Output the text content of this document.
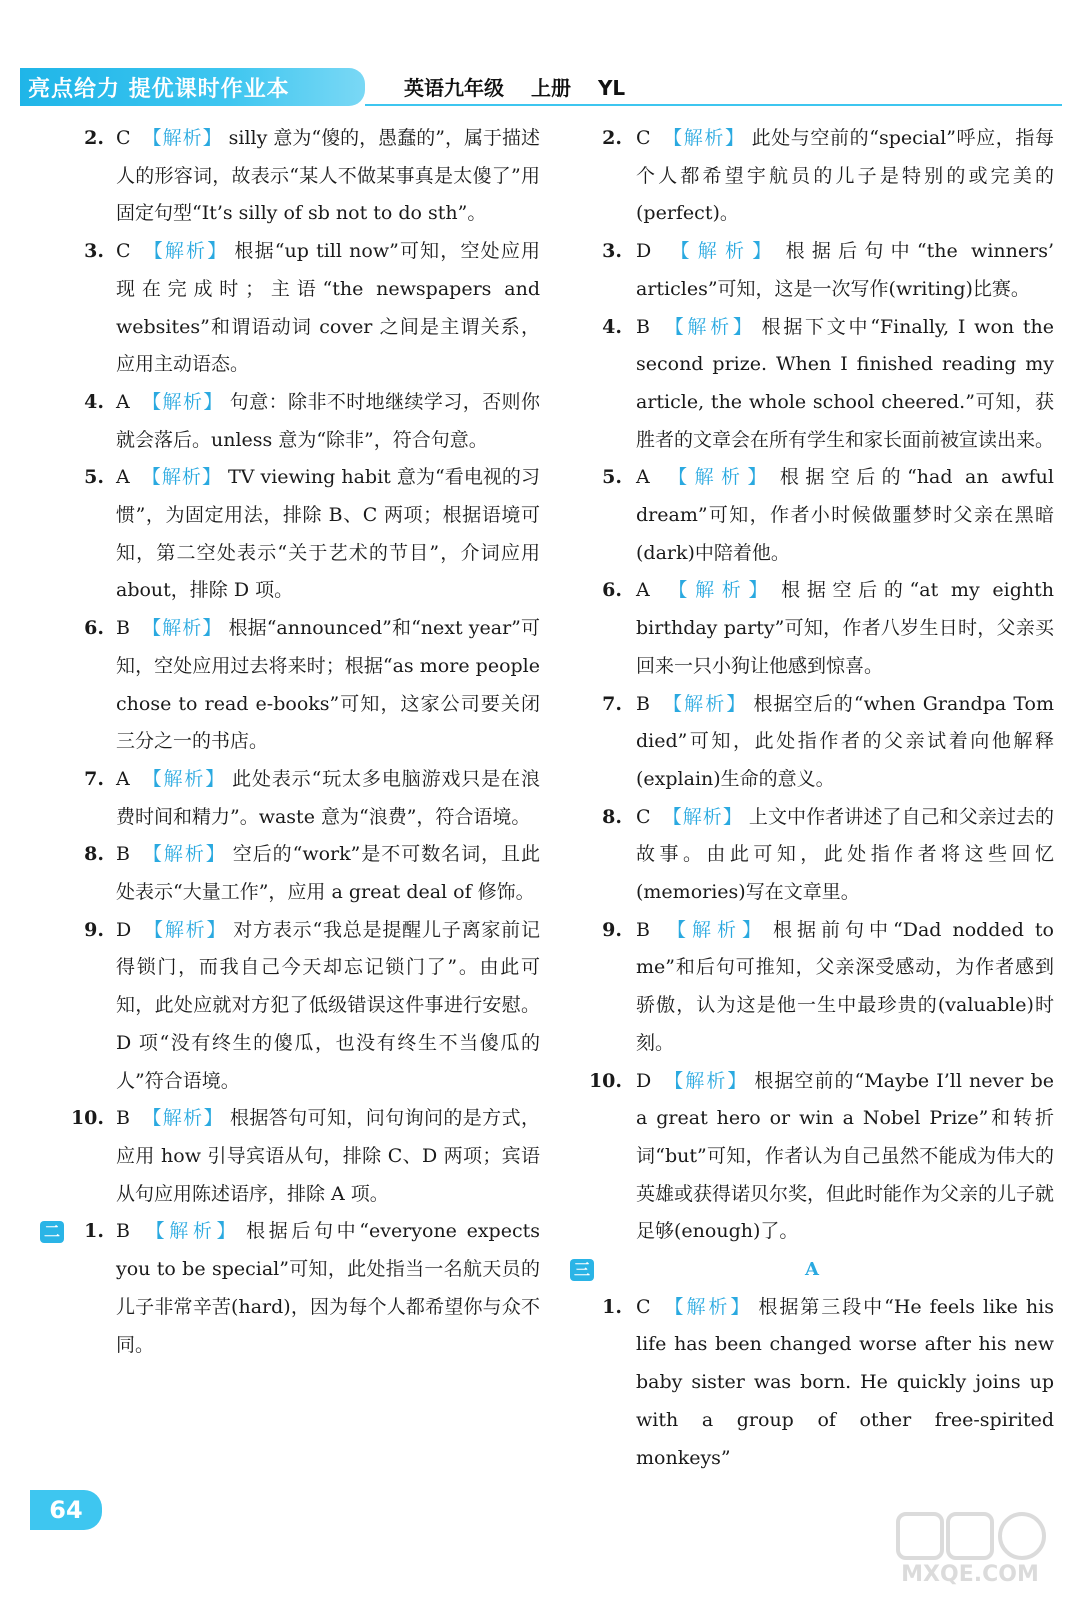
亮点给力 提优课时作业本	英语九年级 上册 YL
2. C 【解析】 silly 意为“傻的，愚蠢的”，属于描述人的形容词，故表示“某人不做某事真是太傻了”用固定句型“It’s silly of sb not to do sth”。
3. C 【解析】 根据“up till now”可知，空处应用现在完成时；主语“the newspapers and websites”和谓语动词 cover 之间是主谓关系，应用主动语态。
4. A 【解析】 句意：除非不时地继续学习，否则你就会落后。unless 意为“除非”，符合句意。
5. A 【解析】 TV viewing habit 意为“看电视的习惯”，为固定用法，排除 B、C 两项；根据语境可知，第二空处表示“关于艺术的节目”，介词应用 about，排除 D 项。
6. B 【解析】 根据“announced”和“next year”可知，空处应用过去将来时；根据“as more people chose to read e-books”可知，这家公司要关闭三分之一的书店。
7. A 【解析】 此处表示“玩太多电脑游戏只是在浪费时间和精力”。waste 意为“浪费”，符合语境。
8. B 【解析】 空后的“work”是不可数名词，且此处表示“大量工作”，应用 a great deal of 修饰。
9. D 【解析】 对方表示“我总是提醒儿子离家前记得锁门，而我自己今天却忘记锁门了”。由此可知，此处应就对方犯了低级错误这件事进行安慰。D 项“没有终生的傻瓜，也没有终生不当傻瓜的人”符合语境。
10. B 【解析】 根据答句可知，问句询问的是方式，应用 how 引导宾语从句，排除 C、D 两项；宾语从句应用陈述语序，排除 A 项。
二	1. B 【解析】 根据后句中“everyone expects you to be special”可知，此处指当一名航天员的儿子非常辛苦(hard)，因为每个人都希望你与众不同。
2. C 【解析】 此处与空前的“special”呼应，指每个人都希望宇航员的儿子是特别的或完美的(perfect)。
3. D 【解析】 根据后句中“the winners’ articles”可知，这是一次写作(writing)比赛。
4. B 【解析】 根据下文中“Finally, I won the second prize. When I finished reading my article, the whole school cheered.”可知，获胜者的文章会在所有学生和家长面前被宣读出来。
5. A 【解析】 根据空后的“had an awful dream”可知，作者小时候做噩梦时父亲在黑暗(dark)中陪着他。
6. A 【解析】 根据空后的“at my eighth birthday party”可知，作者八岁生日时，父亲买回来一只小狗让他感到惊喜。
7. B 【解析】 根据空后的“when Grandpa Tom died”可知，此处指作者的父亲试着向他解释(explain)生命的意义。
8. C 【解析】 上文中作者讲述了自己和父亲过去的故事。由此可知，此处指作者将这些回忆(memories)写在文章里。
9. B 【解析】 根据前句中“Dad nodded to me”和后句可推知，父亲深受感动，为作者感到骄傲，认为这是他一生中最珍贵的(valuable)时刻。
10. D 【解析】 根据空前的“Maybe I’ll never be a great hero or win a Nobel Prize”和转折词“but”可知，作者认为自己虽然不能成为伟大的英雄或获得诺贝尔奖，但此时能作为父亲的儿子就足够(enough)了。
三	A
1. C 【解析】 根据第三段中“He feels like his life has been changed worse after his new baby sister was born. He quickly joins up with a group of other free-spirited monkeys”
64
MXQE.COM
